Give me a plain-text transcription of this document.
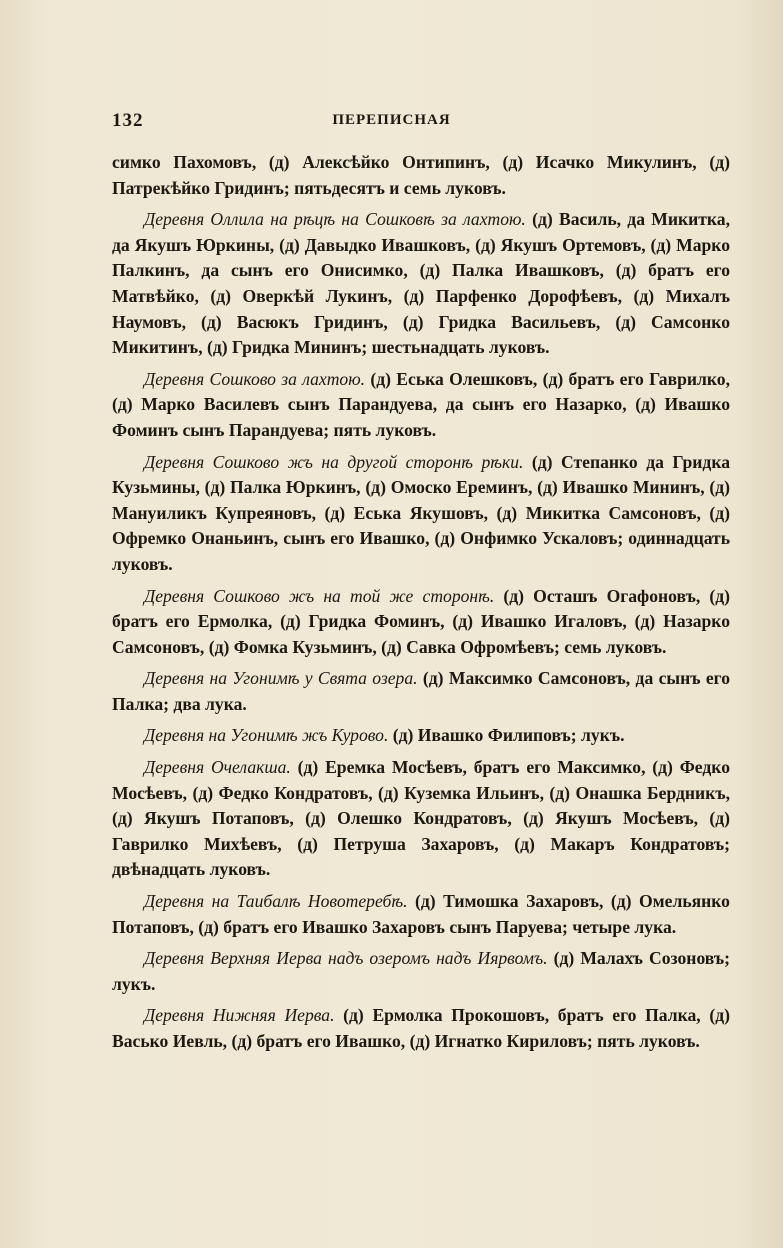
132	ПЕРЕПИСНАЯ

симко Пахомовъ, (д) Алексѣйко Онтипинъ, (д) Исачко Микулинъ, (д) Патрекѣйко Гридинъ; пятьдесятъ и семь луковъ.

Деревня Оллила на рѣцѣ на Сошковѣ за лахтою. (д) Василь, да Микитка, да Якушъ Юркины, (д) Давыдко Ивашковъ, (д) Якушъ Ортемовъ, (д) Марко Палкинъ, да сынъ его Онисимко, (д) Палка Ивашковъ, (д) братъ его Матвѣйко, (д) Оверкѣй Лукинъ, (д) Парфенко Дорофѣевъ, (д) Михалъ Наумовъ, (д) Васюкъ Гридинъ, (д) Гридка Васильевъ, (д) Самсонко Микитинъ, (д) Гридка Мининъ; шестьнадцать луковъ.

Деревня Сошково за лахтою. (д) Еська Олешковъ, (д) братъ его Гаврилко, (д) Марко Василевъ сынъ Парандуева, да сынъ его Назарко, (д) Ивашко Фоминъ сынъ Парандуева; пять луковъ.

Деревня Сошково жъ на другой сторонѣ рѣки. (д) Степанко да Гридка Кузьмины, (д) Палка Юркинъ, (д) Омоско Ереминъ, (д) Ивашко Мининъ, (д) Мануиликъ Купреяновъ, (д) Еська Якушовъ, (д) Микитка Самсоновъ, (д) Офремко Онаньинъ, сынъ его Ивашко, (д) Онфимко Ускаловъ; одиннадцать луковъ.

Деревня Сошково жъ на той же сторонѣ. (д) Осташъ Огафоновъ, (д) братъ его Ермолка, (д) Гридка Фоминъ, (д) Ивашко Игаловъ, (д) Назарко Самсоновъ, (д) Фомка Кузьминъ, (д) Савка Офромѣевъ; семь луковъ.

Деревня на Угонимѣ у Свята озера. (д) Максимко Самсоновъ, да сынъ его Палка; два лука.

Деревня на Угонимѣ жъ Курово. (д) Ивашко Филиповъ; лукъ.

Деревня Очелакша. (д) Еремка Мосѣевъ, братъ его Максимко, (д) Федко Мосѣевъ, (д) Федко Кондратовъ, (д) Куземка Ильинъ, (д) Онашка Бердникъ, (д) Якушъ Потаповъ, (д) Олешко Кондратовъ, (д) Якушъ Мосѣевъ, (д) Гаврилко Михѣевъ, (д) Петруша Захаровъ, (д) Макаръ Кондратовъ; двѣнадцать луковъ.

Деревня на Таибалѣ Новотеребѣ. (д) Тимошка Захаровъ, (д) Омельянко Потаповъ, (д) братъ его Ивашко Захаровъ сынъ Паруева; четыре лука.

Деревня Верхняя Иерва надъ озеромъ надъ Иярвомъ. (д) Малахъ Созоновъ; лукъ.

Деревня Нижняя Иерва. (д) Ермолка Прокошовъ, братъ его Палка, (д) Васько Иевль, (д) братъ его Ивашко, (д) Игнатко Кириловъ; пять луковъ.
